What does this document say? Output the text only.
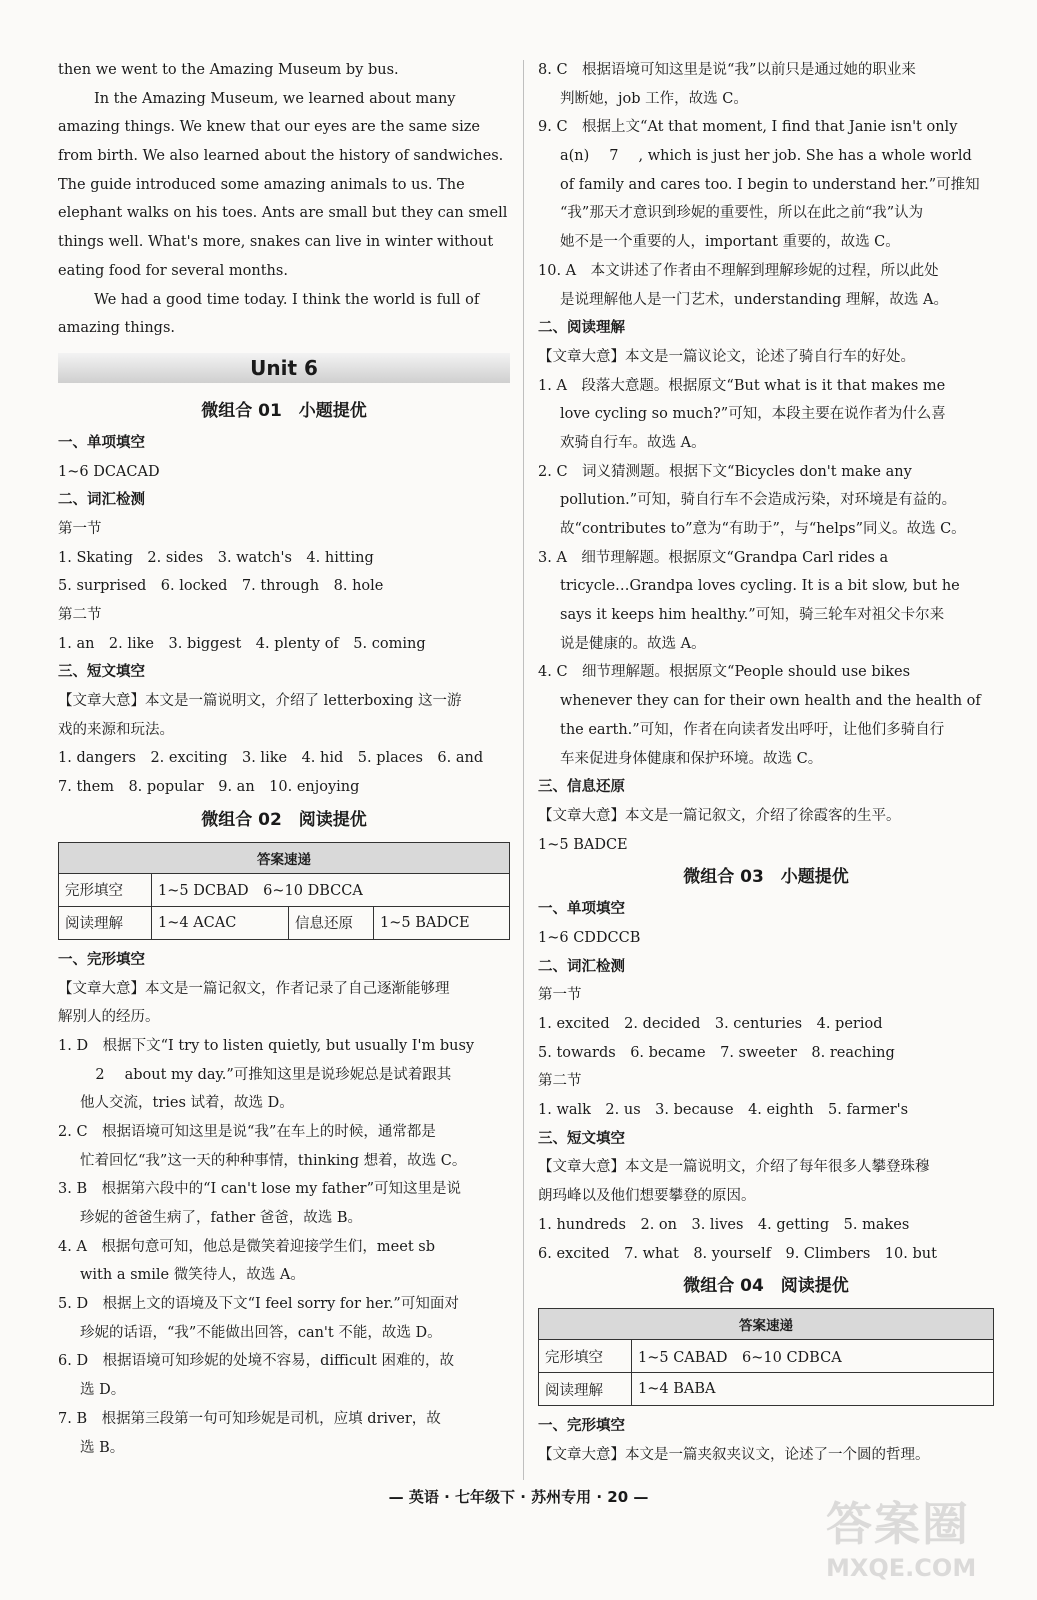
then we went to the Amazing Museum by bus.
In the Amazing Museum, we learned about many
amazing things. We knew that our eyes are the same size
from birth. We also learned about the history of sandwiches.
The guide introduced some amazing animals to us. The
elephant walks on his toes. Ants are small but they can smell
things well. What's more, snakes can live in winter without
eating food for several months.
We had a good time today. I think the world is full of
amazing things.
Unit 6
微组合 01　小题提优
一、单项填空
1~6 DCACAD
二、词汇检测
第一节
1. Skating　2. sides　3. watch's　4. hitting
5. surprised　6. locked　7. through　8. hole
第二节
1. an　2. like　3. biggest　4. plenty of　5. coming
三、短文填空
【文章大意】本文是一篇说明文，介绍了 letterboxing 这一游
戏的来源和玩法。
1. dangers　2. exciting　3. like　4. hid　5. places　6. and
7. them　8. popular　9. an　10. enjoying
微组合 02　阅读提优
答案速递			
完形填空	1~5 DCBAD　6~10 DBCCA		
阅读理解	1~4 ACAC	信息还原	1~5 BADCE
一、完形填空
【文章大意】本文是一篇记叙文，作者记录了自己逐渐能够理
解别人的经历。
1. D　根据下文“I try to listen quietly, but usually I'm busy
2 about my day.”可推知这里是说珍妮总是试着跟其
他人交流，tries 试着，故选 D。
2. C　根据语境可知这里是说“我”在车上的时候，通常都是
忙着回忆“我”这一天的种种事情，thinking 想着，故选 C。
3. B　根据第六段中的“I can't lose my father”可知这里是说
珍妮的爸爸生病了，father 爸爸，故选 B。
4. A　根据句意可知，他总是微笑着迎接学生们，meet sb
with a smile 微笑待人，故选 A。
5. D　根据上文的语境及下文“I feel sorry for her.”可知面对
珍妮的话语，“我”不能做出回答，can't 不能，故选 D。
6. D　根据语境可知珍妮的处境不容易，difficult 困难的，故
选 D。
7. B　根据第三段第一句可知珍妮是司机，应填 driver，故
选 B。
8. C　根据语境可知这里是说“我”以前只是通过她的职业来
判断她，job 工作，故选 C。
9. C　根据上文“At that moment, I find that Janie isn't only
a(n) 7 , which is just her job. She has a whole world
of family and cares too. I begin to understand her.”可推知
“我”那天才意识到珍妮的重要性，所以在此之前“我”认为
她不是一个重要的人，important 重要的，故选 C。
10. A　本文讲述了作者由不理解到理解珍妮的过程，所以此处
是说理解他人是一门艺术，understanding 理解，故选 A。
二、阅读理解
【文章大意】本文是一篇议论文，论述了骑自行车的好处。
1. A　段落大意题。根据原文“But what is it that makes me
love cycling so much?”可知，本段主要在说作者为什么喜
欢骑自行车。故选 A。
2. C　词义猜测题。根据下文“Bicycles don't make any
pollution.”可知，骑自行车不会造成污染，对环境是有益的。
故“contributes to”意为“有助于”，与“helps”同义。故选 C。
3. A　细节理解题。根据原文“Grandpa Carl rides a
tricycle…Grandpa loves cycling. It is a bit slow, but he
says it keeps him healthy.”可知，骑三轮车对祖父卡尔来
说是健康的。故选 A。
4. C　细节理解题。根据原文“People should use bikes
whenever they can for their own health and the health of
the earth.”可知，作者在向读者发出呼吁，让他们多骑自行
车来促进身体健康和保护环境。故选 C。
三、信息还原
【文章大意】本文是一篇记叙文，介绍了徐霞客的生平。
1~5 BADCE
微组合 03　小题提优
一、单项填空
1~6 CDDCCB
二、词汇检测
第一节
1. excited　2. decided　3. centuries　4. period
5. towards　6. became　7. sweeter　8. reaching
第二节
1. walk　2. us　3. because　4. eighth　5. farmer's
三、短文填空
【文章大意】本文是一篇说明文，介绍了每年很多人攀登珠穆
朗玛峰以及他们想要攀登的原因。
1. hundreds　2. on　3. lives　4. getting　5. makes
6. excited　7. what　8. yourself　9. Climbers　10. but
微组合 04　阅读提优
答案速递	
完形填空	1~5 CABAD　6~10 CDBCA
阅读理解	1~4 BABA
一、完形填空
【文章大意】本文是一篇夹叙夹议文，论述了一个圆的哲理。
— 英语 · 七年级下 · 苏州专用 · 20 —	答案圈
MXQE.COM
